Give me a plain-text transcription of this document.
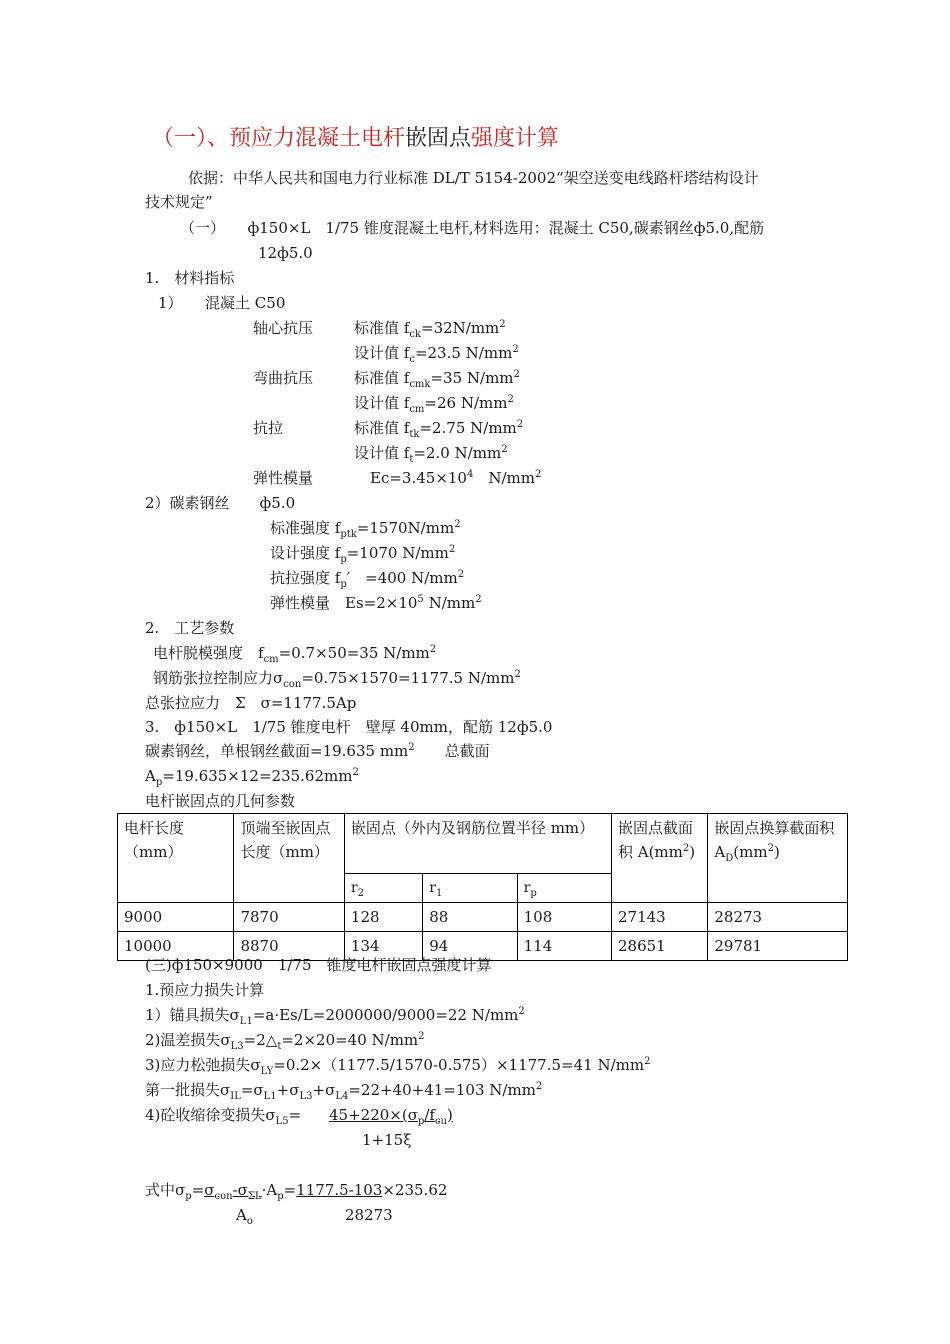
（一）、预应力混凝土电杆嵌固点强度计算
依据：中华人民共和国电力行业标准 DL/T 5154-2002“架空送变电线路杆塔结构设计
技术规定”
（一）　　ф150×L　1/75 锥度混凝土电杆,材料选用：混凝土 C50,碳素钢丝ф5.0,配筋
12ф5.0
1.　材料指标
1）　　混凝土 C50
轴心抗压	标准值 $f_{ck}=32N/mm^2$
设计值 $f_c=23.5$ $N/mm^2$
弯曲抗压	标准值 $f_{cmk}=35$ $N/mm^2$
设计值 $f_{cm}=26$ $N/mm^2$
抗拉	标准值 $f_{tk}=2.75$ $N/mm^2$
设计值 $f_t=2.0$ $N/mm^2$
弹性模量	$Ec=3.45\times 10^4$　$N/mm^2$
2）碳素钢丝　　ф5.0
标准强度 $f_{ptk}=1570N/mm^2$
设计强度 $f_p=1070$ $N/mm^2$
抗拉强度 $f_p'$　=400 $N/mm^2$
弹性模量　$Es=2\times 10^5$ $N/mm^2$
2.　工艺参数
电杆脱模强度　$f_{cm}=0.7\times 50=35$ $N/mm^2$
钢筋张拉控制应力$\sigma_{con}=0.75\times 1570=1177.5$ $N/mm^2$
总张拉应力　Σ　σ=1177.5Ap
3.　ф150×L　1/75 锥度电杆　壁厚 40mm，配筋 12ф5.0
碳素钢丝，单根钢丝截面=19.635 $mm^2$　　总截面
$A_p=19.635\times 12=235.62mm^2$
电杆嵌固点的几何参数
电杆长度（mm）	顶端至嵌固点长度（mm）	嵌固点（外内及钢筋位置半径 mm）			嵌固点截面积 $A(mm^2)$	嵌固点换算截面积 $A_D(mm^2)$
		$r_2$	$r_1$	$r_p$
9000	7870	128	88	108	27143	28273
10000	8870	134	94	114	28651	29781
(三)ф150×9000　1/75　锥度电杆嵌固点强度计算
1.预应力损失计算
1）锚具损失$\sigma_{L1}=a\cdot Es/L=2000000/9000=22$ $N/mm^2$
2)温差损失$\sigma_{L3}=2\triangle_t=2\times 20=40$ $N/mm^2$
3)应力松弛损失$\sigma_{LY}=0.2\times(1177.5/1570-0.575)\times 1177.5=41$ $N/mm^2$
第一批损失$\sigma_{IL}=\sigma_{L1}+\sigma_{L3}+\sigma_{L4}=22+40+41=103$ $N/mm^2$
4)砼收缩徐变损失$\sigma_{L5}= 45+220\times(\sigma_p/f_{cu})$
1+15ξ
式中$\sigma_p=\sigma_{con}-\sigma_{\Sigma L}\cdot A_p=1177.5-103\times 235.62$
$A_o$	28273
